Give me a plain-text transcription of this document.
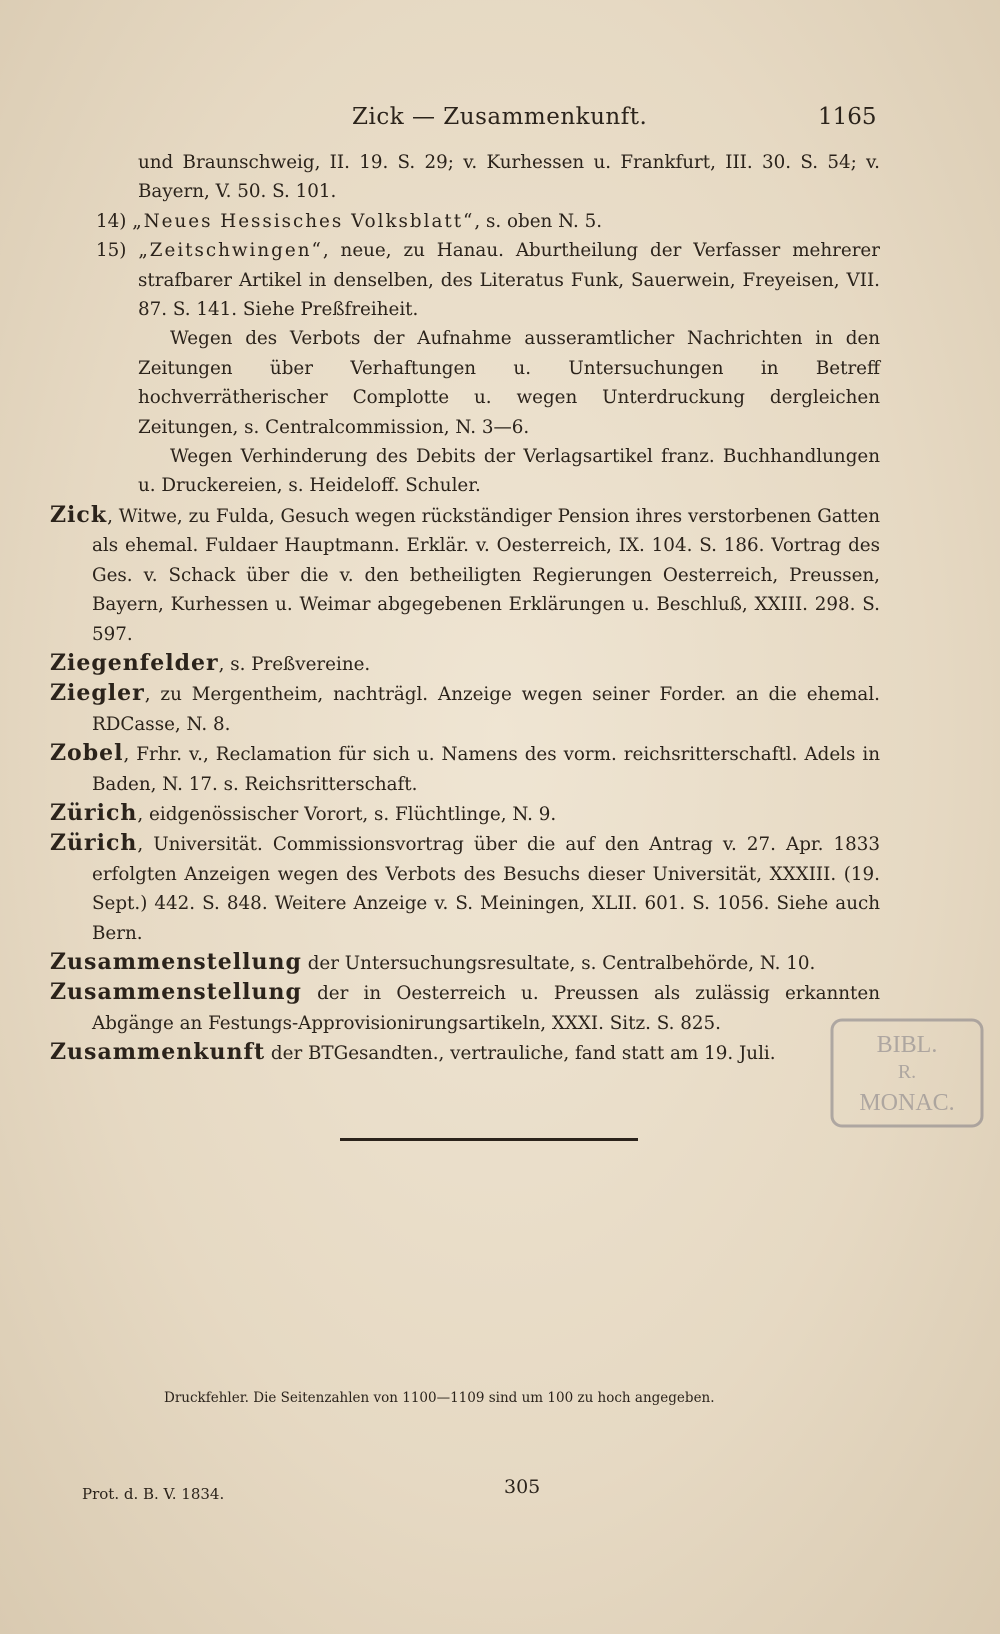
Zick — Zusammenkunft.	1165

und Braunschweig, II. 19. S. 29; v. Kurhessen u. Frankfurt, III. 30. S. 54; v. Bayern, V. 50. S. 101.

14) „Neues Hessisches Volksblatt“, s. oben N. 5.

15) „Zeitschwingen“, neue, zu Hanau. Aburtheilung der Verfasser mehrerer strafbarer Artikel in denselben, des Literatus Funk, Sauerwein, Freyeisen, VII. 87. S. 141. Siehe Preßfreiheit.

Wegen des Verbots der Aufnahme ausseramtlicher Nachrichten in den Zeitungen über Verhaftungen u. Untersuchungen in Betreff hochverrätherischer Complotte u. wegen Unterdruckung dergleichen Zeitungen, s. Centralcommission, N. 3—6.

Wegen Verhinderung des Debits der Verlagsartikel franz. Buchhandlungen u. Druckereien, s. Heideloff. Schuler.

Zick, Witwe, zu Fulda, Gesuch wegen rückständiger Pension ihres verstorbenen Gatten als ehemal. Fuldaer Hauptmann. Erklär. v. Oesterreich, IX. 104. S. 186. Vortrag des Ges. v. Schack über die v. den betheiligten Regierungen Oesterreich, Preussen, Bayern, Kurhessen u. Weimar abgegebenen Erklärungen u. Beschluß, XXIII. 298. S. 597.

Ziegenfelder, s. Preßvereine.

Ziegler, zu Mergentheim, nachträgl. Anzeige wegen seiner Forder. an die ehemal. RDCasse, N. 8.

Zobel, Frhr. v., Reclamation für sich u. Namens des vorm. reichsritterschaftl. Adels in Baden, N. 17. s. Reichsritterschaft.

Zürich, eidgenössischer Vorort, s. Flüchtlinge, N. 9.

Zürich, Universität. Commissionsvortrag über die auf den Antrag v. 27. Apr. 1833 erfolgten Anzeigen wegen des Verbots des Besuchs dieser Universität, XXXIII. (19. Sept.) 442. S. 848. Weitere Anzeige v. S. Meiningen, XLII. 601. S. 1056. Siehe auch Bern.

Zusammenstellung der Untersuchungsresultate, s. Centralbehörde, N. 10.

Zusammenstellung der in Oesterreich u. Preussen als zulässig erkannten Abgänge an Festungs-Approvisionirungsartikeln, XXXI. Sitz. S. 825.

Zusammenkunft der BTGesandten., vertrauliche, fand statt am 19. Juli.	BIBL.
R.
MONAC.
Druckfehler. Die Seitenzahlen von 1100—1109 sind um 100 zu hoch angegeben.
Prot. d. B. V. 1834.	305
